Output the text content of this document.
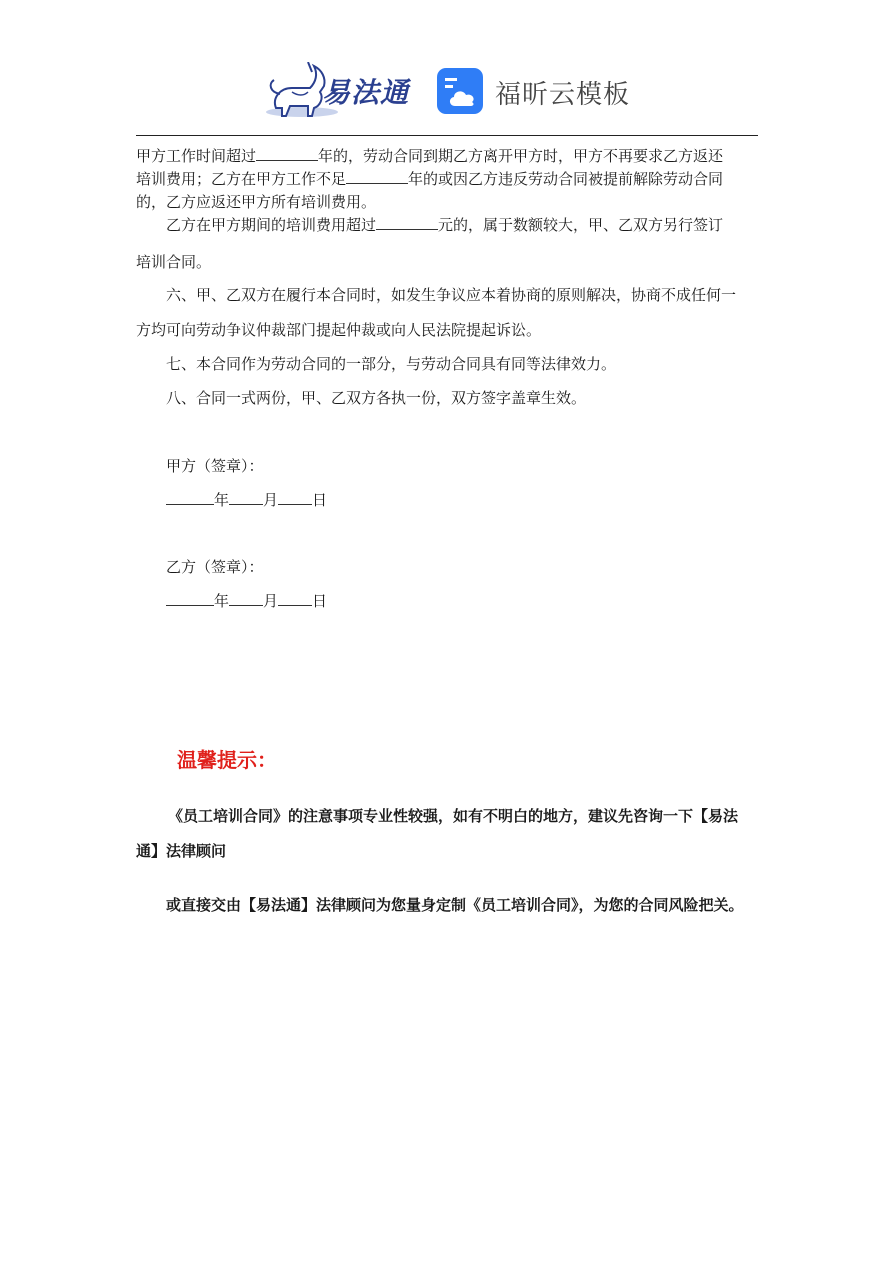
易法通	福昕云模板
甲方工作时间超过	年的，劳动合同到期乙方离开甲方时，甲方不再要求乙方返还
培训费用；乙方在甲方工作不足	年的或因乙方违反劳动合同被提前解除劳动合同
的，乙方应返还甲方所有培训费用。
乙方在甲方期间的培训费用超过	元的，属于数额较大，甲、乙双方另行签订
培训合同。
六、甲、乙双方在履行本合同时，如发生争议应本着协商的原则解决，协商不成任何一
方均可向劳动争议仲裁部门提起仲裁或向人民法院提起诉讼。
七、本合同作为劳动合同的一部分，与劳动合同具有同等法律效力。
八、合同一式两份，甲、乙双方各执一份，双方签字盖章生效。
甲方（签章）：
年 月 日
乙方（签章）：
年 月 日
温馨提示：
《员工培训合同》的注意事项专业性较强，如有不明白的地方，建议先咨询一下【易法
通】法律顾问
或直接交由【易法通】法律顾问为您量身定制《员工培训合同》，为您的合同风险把关。
